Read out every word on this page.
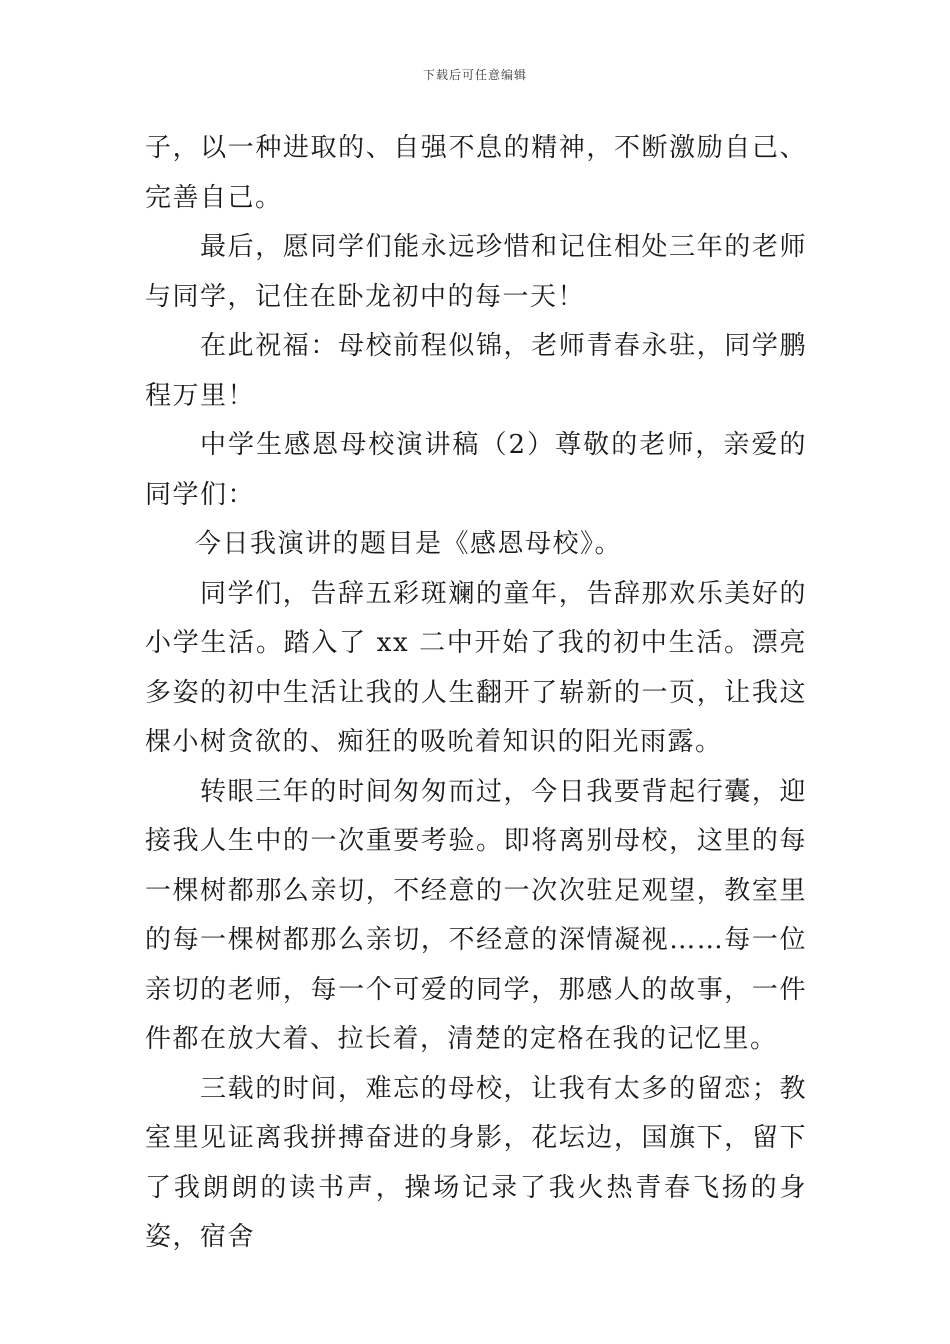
下载后可任意编辑

子，以一种进取的、自强不息的精神，不断激励自己、完善自己。

最后，愿同学们能永远珍惜和记住相处三年的老师与同学，记住在卧龙初中的每一天！

在此祝福：母校前程似锦，老师青春永驻，同学鹏程万里！

中学生感恩母校演讲稿（2）尊敬的老师，亲爱的同学们：

今日我演讲的题目是《感恩母校》。

同学们，告辞五彩斑斓的童年，告辞那欢乐美好的小学生活。踏入了 xx 二中开始了我的初中生活。漂亮多姿的初中生活让我的人生翻开了崭新的一页，让我这棵小树贪欲的、痴狂的吸吮着知识的阳光雨露。

转眼三年的时间匆匆而过，今日我要背起行囊，迎接我人生中的一次重要考验。即将离别母校，这里的每一棵树都那么亲切，不经意的一次次驻足观望，教室里的每一棵树都那么亲切，不经意的深情凝视……每一位亲切的老师，每一个可爱的同学，那感人的故事，一件件都在放大着、拉长着，清楚的定格在我的记忆里。

三载的时间，难忘的母校，让我有太多的留恋；教室里见证离我拼搏奋进的身影，花坛边，国旗下，留下了我朗朗的读书声，操场记录了我火热青春飞扬的身姿，宿舍
